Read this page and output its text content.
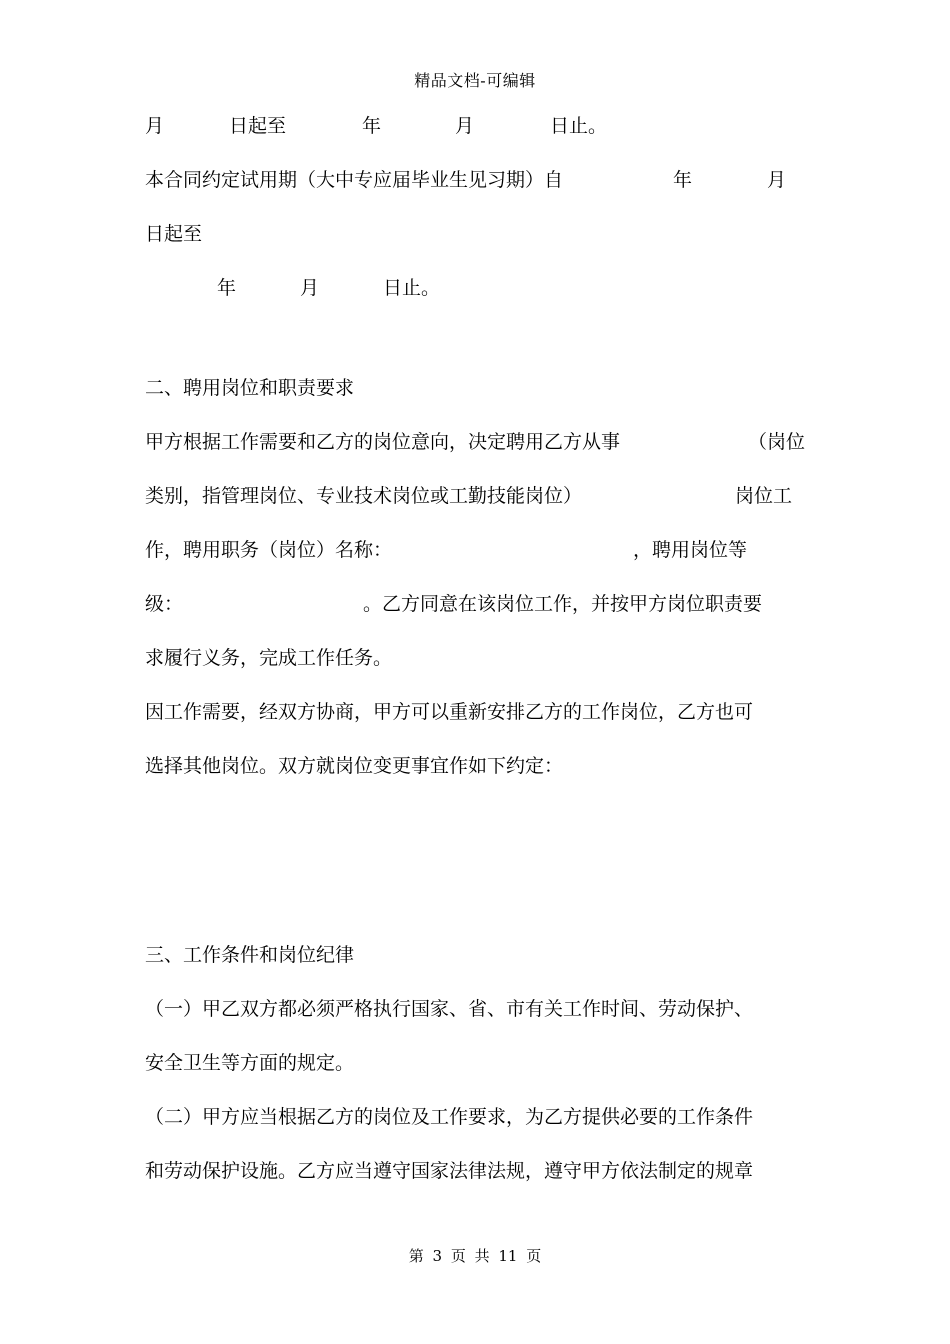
精品文档-可编辑
月	日起至	年	月	日止。
本合同约定试用期（大中专应届毕业生见习期）自	年	月
日起至
年	月	日止。
二、聘用岗位和职责要求
甲方根据工作需要和乙方的岗位意向，决定聘用乙方从事	（岗位
类别，指管理岗位、专业技术岗位或工勤技能岗位）	岗位工
作，聘用职务（岗位）名称：	，聘用岗位等
级：	。乙方同意在该岗位工作，并按甲方岗位职责要
求履行义务，完成工作任务。
因工作需要，经双方协商，甲方可以重新安排乙方的工作岗位，乙方也可
选择其他岗位。双方就岗位变更事宜作如下约定：
三、工作条件和岗位纪律
（一）甲乙双方都必须严格执行国家、省、市有关工作时间、劳动保护、
安全卫生等方面的规定。
（二）甲方应当根据乙方的岗位及工作要求，为乙方提供必要的工作条件
和劳动保护设施。乙方应当遵守国家法律法规，遵守甲方依法制定的规章
第 3 页 共 11 页
